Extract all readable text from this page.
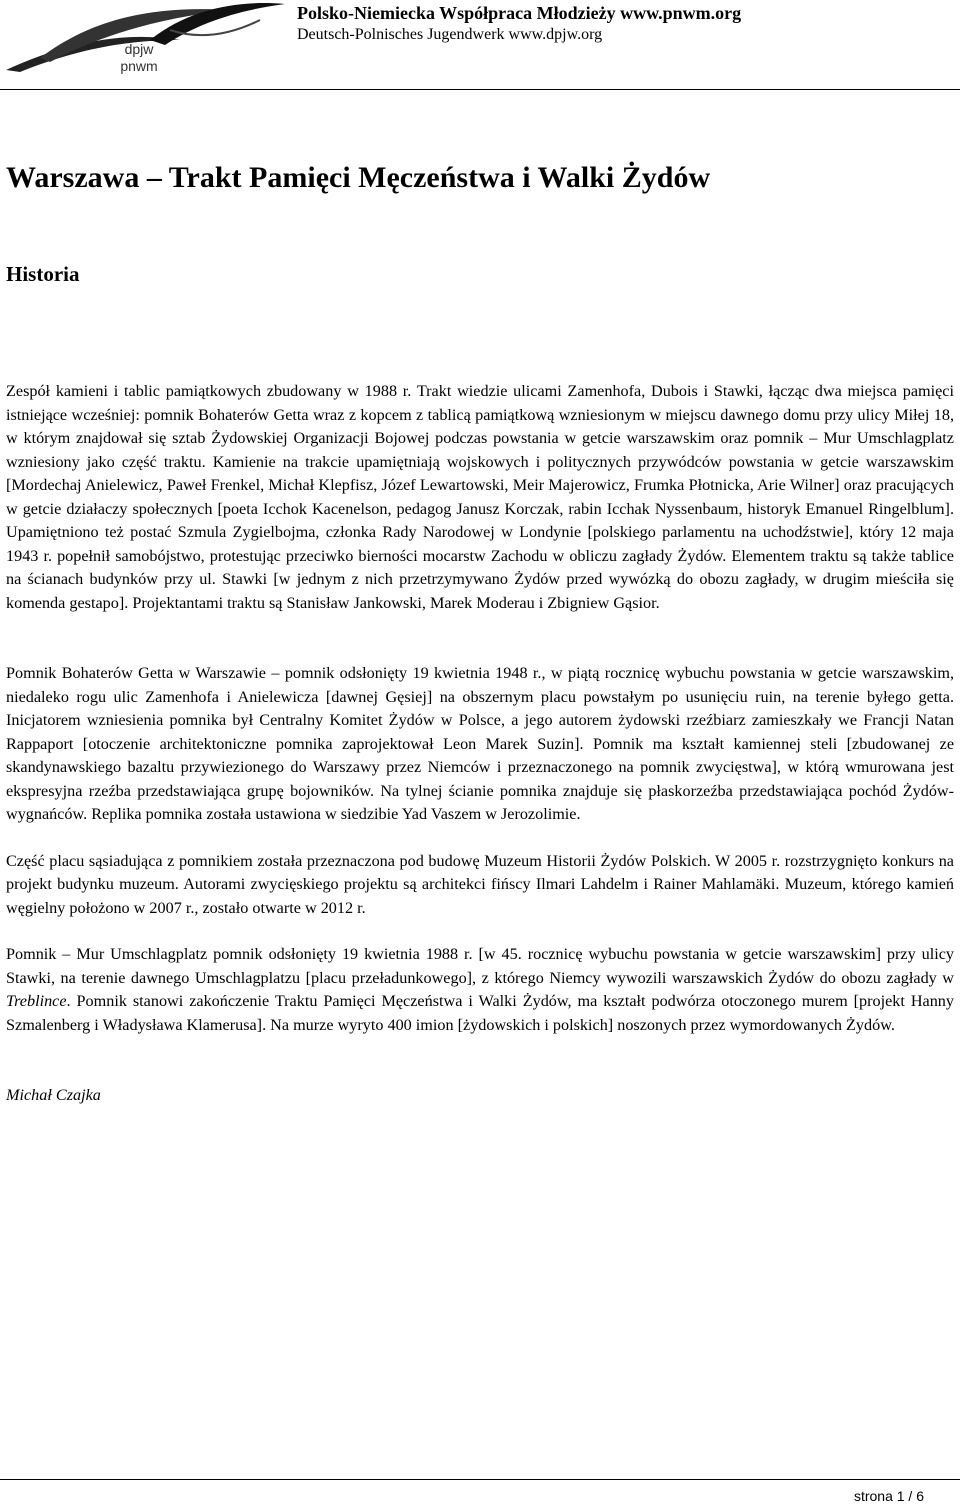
dpjw
pnwm
Polsko-Niemiecka Współpraca Młodzieży www.pnwm.org
Deutsch-Polnisches Jugendwerk www.dpjw.org
Warszawa – Trakt Pamięci Męczeństwa i Walki Żydów
Historia

Zespół kamieni i tablic pamiątkowych zbudowany w 1988 r. Trakt wiedzie ulicami Zamenhofa, Dubois i Stawki, łącząc dwa miejsca pamięci istniejące wcześniej: pomnik Bohaterów Getta wraz z kopcem z tablicą pamiątkową wzniesionym w miejscu dawnego domu przy ulicy Miłej 18, w którym znajdował się sztab Żydowskiej Organizacji Bojowej podczas powstania w getcie warszawskim oraz pomnik – Mur Umschlagplatz wzniesiony jako część traktu. Kamienie na trakcie upamiętniają wojskowych i politycznych przywódców powstania w getcie warszawskim [Mordechaj Anielewicz, Paweł Frenkel, Michał Klepfisz, Józef Lewartowski, Meir Majerowicz, Frumka Płotnicka, Arie Wilner] oraz pracujących w getcie działaczy społecznych [poeta Icchok Kacenelson, pedagog Janusz Korczak, rabin Icchak Nyssenbaum, historyk Emanuel Ringelblum]. Upamiętniono też postać Szmula Zygielbojma, członka Rady Narodowej w Londynie [polskiego parlamentu na uchodźstwie], który 12 maja 1943 r. popełnił samobójstwo, protestując przeciwko bierności mocarstw Zachodu w obliczu zagłady Żydów. Elementem traktu są także tablice na ścianach budynków przy ul. Stawki [w jednym z nich przetrzymywano Żydów przed wywózką do obozu zagłady, w drugim mieściła się komenda gestapo]. Projektantami traktu są Stanisław Jankowski, Marek Moderau i Zbigniew Gąsior.

Pomnik Bohaterów Getta w Warszawie – pomnik odsłonięty 19 kwietnia 1948 r., w piątą rocznicę wybuchu powstania w getcie warszawskim, niedaleko rogu ulic Zamenhofa i Anielewicza [dawnej Gęsiej] na obszernym placu powstałym po usunięciu ruin, na terenie byłego getta. Inicjatorem wzniesienia pomnika był Centralny Komitet Żydów w Polsce, a jego autorem żydowski rzeźbiarz zamieszkały we Francji Natan Rappaport [otoczenie architektoniczne pomnika zaprojektował Leon Marek Suzin]. Pomnik ma kształt kamiennej steli [zbudowanej ze skandynawskiego bazaltu przywiezionego do Warszawy przez Niemców i przeznaczonego na pomnik zwycięstwa], w którą wmurowana jest ekspresyjna rzeźba przedstawiająca grupę bojowników. Na tylnej ścianie pomnika znajduje się płaskorzeźba przedstawiająca pochód Żydów-wygnańców. Replika pomnika została ustawiona w siedzibie Yad Vaszem w Jerozolimie.

Część placu sąsiadująca z pomnikiem została przeznaczona pod budowę Muzeum Historii Żydów Polskich. W 2005 r. rozstrzygnięto konkurs na projekt budynku muzeum. Autorami zwycięskiego projektu są architekci fińscy Ilmari Lahdelm i Rainer Mahlamäki. Muzeum, którego kamień węgielny położono w 2007 r., zostało otwarte w 2012 r.

Pomnik – Mur Umschlagplatz pomnik odsłonięty 19 kwietnia 1988 r. [w 45. rocznicę wybuchu powstania w getcie warszawskim] przy ulicy Stawki, na terenie dawnego Umschlagplatzu [placu przeładunkowego], z którego Niemcy wywozili warszawskich Żydów do obozu zagłady w Treblince. Pomnik stanowi zakończenie Traktu Pamięci Męczeństwa i Walki Żydów, ma kształt podwórza otoczonego murem [projekt Hanny Szmalenberg i Władysława Klamerusa]. Na murze wyryto 400 imion [żydowskich i polskich] noszonych przez wymordowanych Żydów.

Michał Czajka

strona 1 / 6
